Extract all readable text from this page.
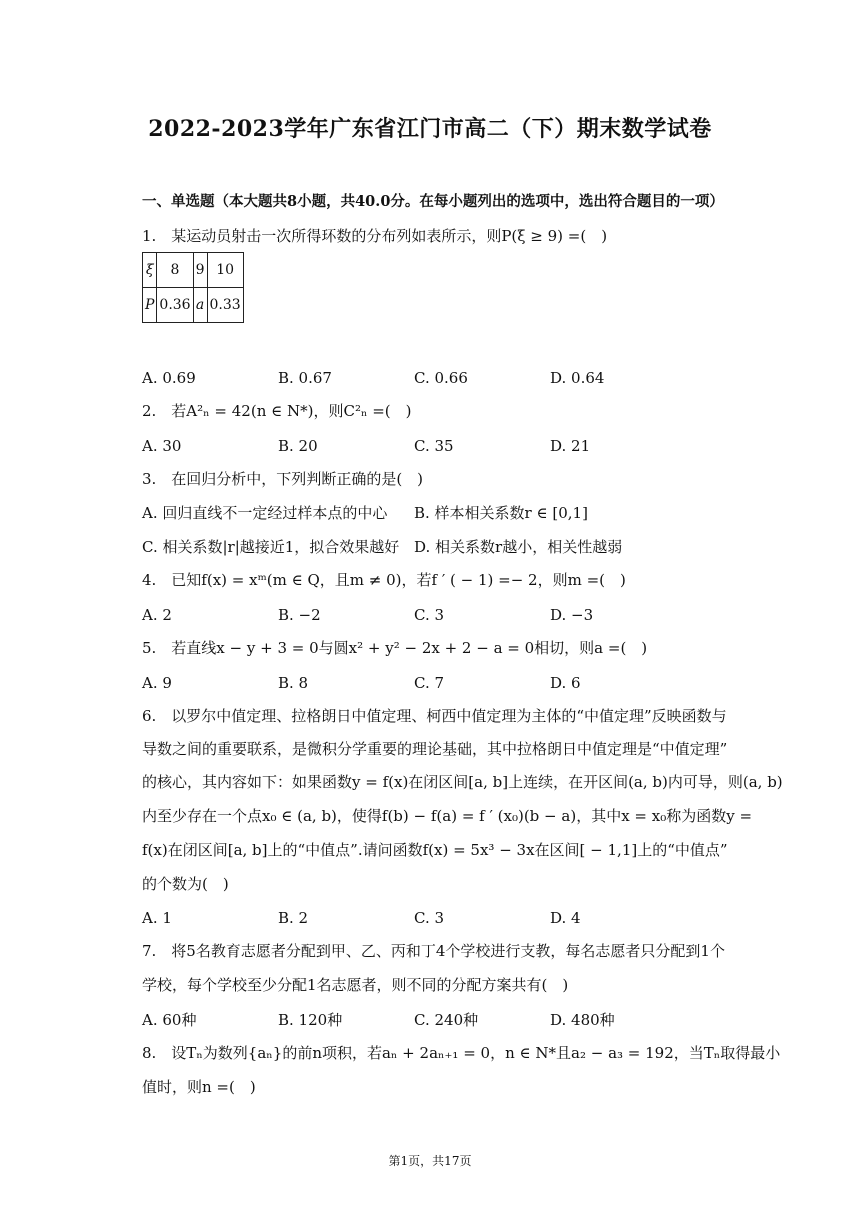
2022-2023学年广东省江门市高二（下）期末数学试卷
一、单选题（本大题共8小题，共40.0分。在每小题列出的选项中，选出符合题目的一项）
1.　某运动员射击一次所得环数的分布列如表所示，则P(ξ ≥ 9) =(　)
ξ	8	9	10
P	0.36	a	0.33
A. 0.69	B. 0.67	C. 0.66	D. 0.64
2.　若A²ₙ = 42(n ∈ N*)，则C²ₙ =(　)
A. 30	B. 20	C. 35	D. 21
3.　在回归分析中，下列判断正确的是(　)
A. 回归直线不一定经过样本点的中心 B. 样本相关系数r ∈ [0,1]
C. 相关系数|r|越接近1，拟合效果越好 D. 相关系数r越小，相关性越弱
4.　已知f(x) = xᵐ(m ∈ Q，且m ≠ 0)，若f ′ ( − 1) =− 2，则m =(　)
A. 2	B. −2	C. 3	D. −3
5.　若直线x − y + 3 = 0与圆x² + y² − 2x + 2 − a = 0相切，则a =(　)
A. 9	B. 8	C. 7	D. 6
6.　以罗尔中值定理、拉格朗日中值定理、柯西中值定理为主体的“中值定理”反映函数与
导数之间的重要联系，是微积分学重要的理论基础，其中拉格朗日中值定理是“中值定理”
的核心，其内容如下：如果函数y = f(x)在闭区间[a, b]上连续，在开区间(a, b)内可导，则(a, b)
内至少存在一个点x₀ ∈ (a, b)，使得f(b) − f(a) = f ′ (x₀)(b − a)，其中x = x₀称为函数y =
f(x)在闭区间[a, b]上的“中值点”.请问函数f(x) = 5x³ − 3x在区间[ − 1,1]上的“中值点”
的个数为(　)
A. 1	B. 2	C. 3	D. 4
7.　将5名教育志愿者分配到甲、乙、丙和丁4个学校进行支教，每名志愿者只分配到1个
学校，每个学校至少分配1名志愿者，则不同的分配方案共有(　)
A. 60种	B. 120种	C. 240种	D. 480种
8.　设Tₙ为数列{aₙ}的前n项积，若aₙ + 2aₙ₊₁ = 0，n ∈ N*且a₂ − a₃ = 192，当Tₙ取得最小
值时，则n =(　)
第1页，共17页
